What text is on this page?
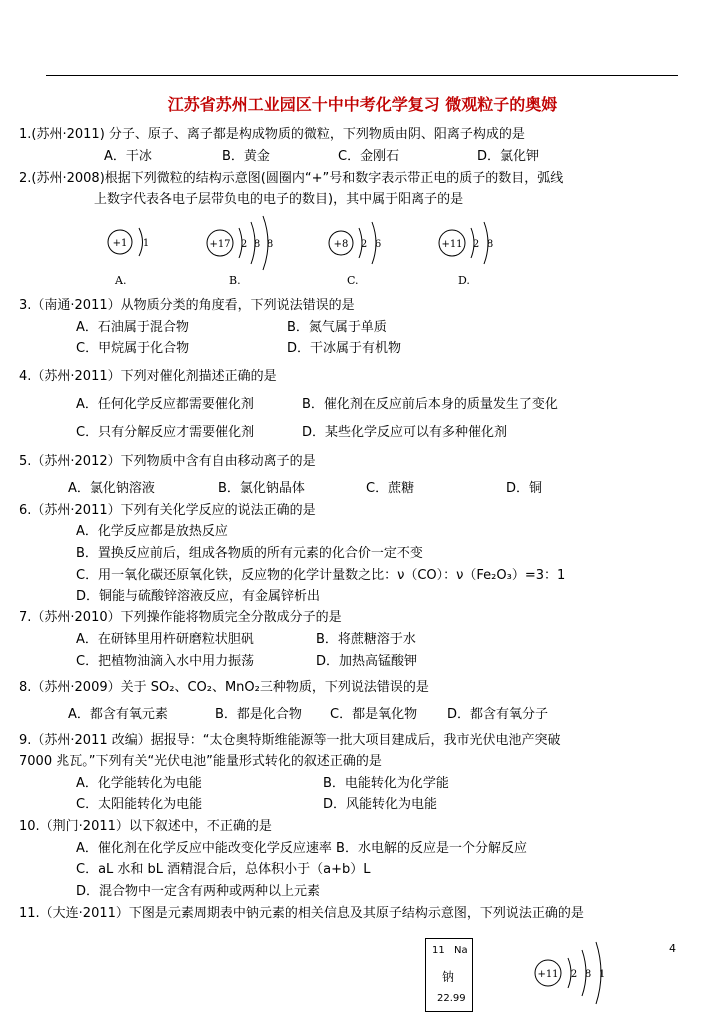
江苏省苏州工业园区十中中考化学复习 微观粒子的奥姆
1.(苏州·2011) 分子、原子、离子都是构成物质的微粒，下列物质由阴、阳离子构成的是
A．干冰	B．黄金	C．金刚石	D．氯化钾
2.(苏州·2008)根据下列微粒的结构示意图(圆圈内“+”号和数字表示带正电的质子的数目，弧线
上数字代表各电子层带负电的电子的数目)，其中属于阳离子的是
+1 1
A.
+17 2 8 8
B.
+8 2 6
C.
+11 2 8
D.
3.（南通·2011）从物质分类的角度看，下列说法错误的是
A．石油属于混合物	B．氮气属于单质
C．甲烷属于化合物	D．干冰属于有机物
4.（苏州·2011）下列对催化剂描述正确的是
A．任何化学反应都需要催化剂	B．催化剂在反应前后本身的质量发生了变化
C．只有分解反应才需要催化剂	D．某些化学反应可以有多种催化剂
5.（苏州·2012）下列物质中含有自由移动离子的是
A．氯化钠溶液	B．氯化钠晶体	C．蔗糖	D．铜
6.（苏州·2011）下列有关化学反应的说法正确的是
A．化学反应都是放热反应
B．置换反应前后，组成各物质的所有元素的化合价一定不变
C．用一氧化碳还原氧化铁，反应物的化学计量数之比：ν（CO）：ν（Fe₂O₃）=3：1
D．铜能与硫酸锌溶液反应，有金属锌析出
7.（苏州·2010）下列操作能将物质完全分散成分子的是
A．在研钵里用杵研磨粒状胆矾	B．将蔗糖溶于水
C．把植物油滴入水中用力振荡	D．加热高锰酸钾
8.（苏州·2009）关于 SO₂、CO₂、MnO₂三种物质，下列说法错误的是
A．都含有氧元素	B．都是化合物 C．都是氧化物 D．都含有氧分子
9.（苏州·2011 改编）据报导：“太仓奥特斯维能源等一批大项目建成后，我市光伏电池产突破
7000 兆瓦。”下列有关“光伏电池”能量形式转化的叙述正确的是
A．化学能转化为电能	B．电能转化为化学能
C．太阳能转化为电能	D．风能转化为电能
10.（荆门·2011）以下叙述中，不正确的是
A．催化剂在化学反应中能改变化学反应速率 B．水电解的反应是一个分解反应
C．aL 水和 bL 酒精混合后，总体积小于（a+b）L
D．混合物中一定含有两种或两种以上元素
11.（大连·2011）下图是元素周期表中钠元素的相关信息及其原子结构示意图，下列说法正确的是
11 Na
钠
22.99
+11 2 8 1
4
